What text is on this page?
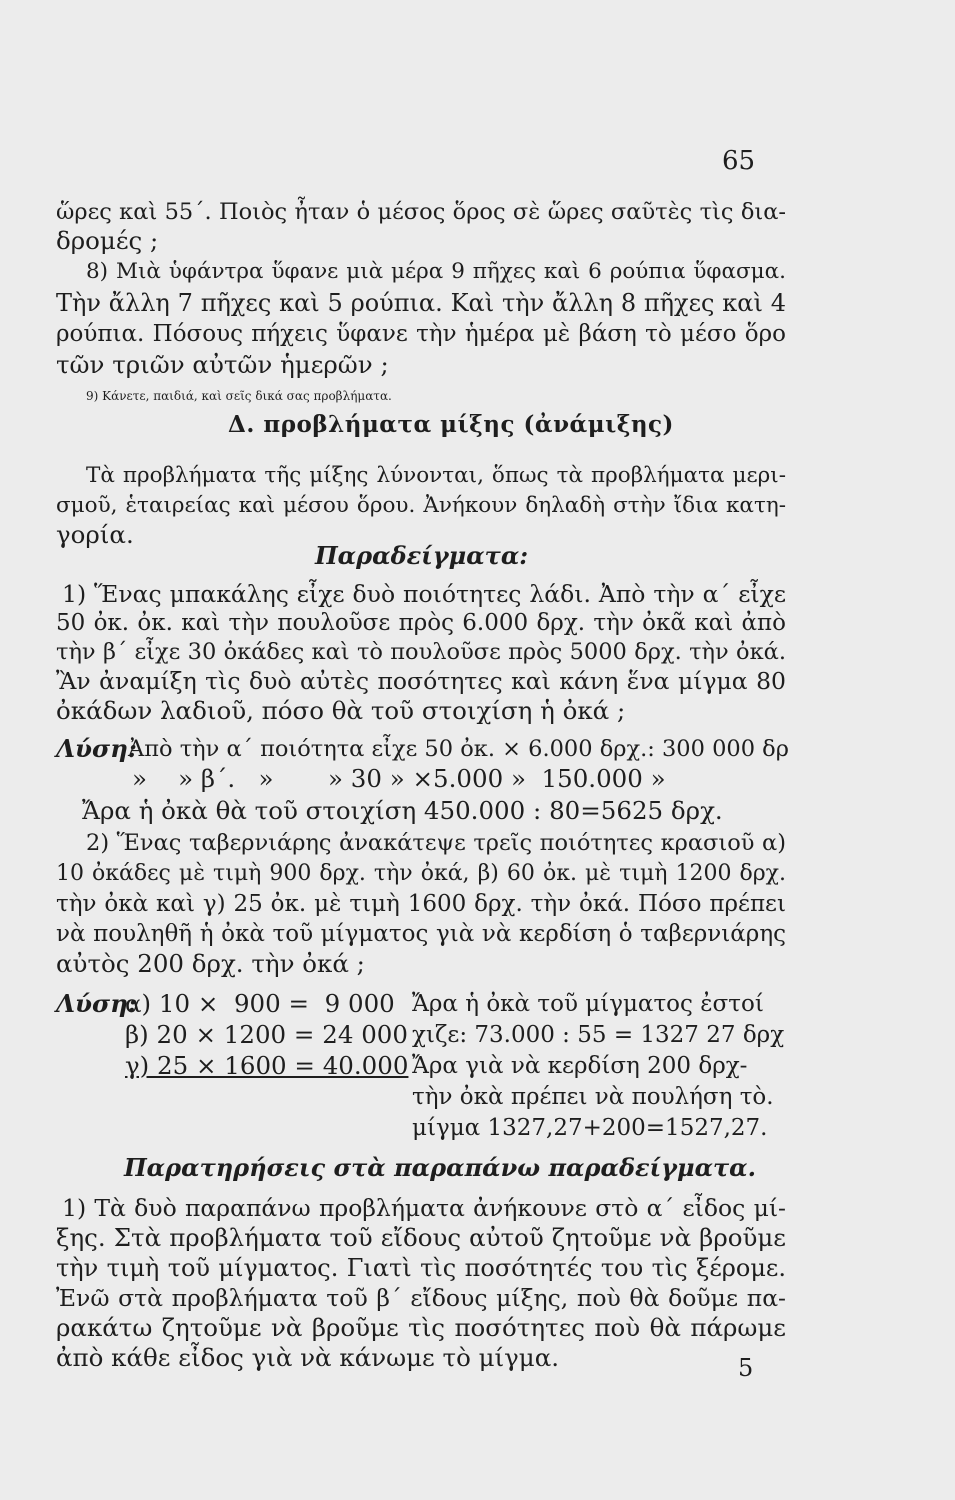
65
ὥρες καὶ 55΄. Ποιὸς ἦταν ὁ μέσος ὅρος σὲ ὥρες σαῦτὲς τὶς δια-
δρομές ;
8) Μιὰ ὑφάντρα ὕφανε μιὰ μέρα 9 πῆχες καὶ 6 ρούπια ὕφασμα.
Τὴν ἄλλη 7 πῆχες καὶ 5 ρούπια. Καὶ τὴν ἄλλη 8 πῆχες καὶ 4
ρούπια. Πόσους πήχεις ὕφανε τὴν ἡμέρα μὲ βάση τὸ μέσο ὅρο
τῶν τριῶν αὐτῶν ἡμερῶν ;
9) Κάνετε, παιδιά, καὶ σεῖς δικά σας προβλήματα.
Δ. προβλήματα μίξης (ἀνάμιξης)
Τὰ προβλήματα τῆς μίξης λύνονται, ὅπως τὰ προβλήματα μερι-
σμοῦ, ἑταιρείας καὶ μέσου ὅρου. Ἀνήκουν δηλαδὴ στὴν ἴδια κατη-
γορία.
Παραδείγματα:
1) Ἕνας μπακάλης εἶχε δυὸ ποιότητες λάδι. Ἀπὸ τὴν α΄ εἶχε
50 ὀκ. ὀκ. καὶ τὴν πουλοῦσε πρὸς 6.000 δρχ. τὴν ὀκᾶ καὶ ἀπὸ
τὴν β΄ εἶχε 30 ὀκάδες καὶ τὸ πουλοῦσε πρὸς 5000 δρχ. τὴν ὀκά.
Ἂν ἀναμίξη τὶς δυὸ αὐτὲς ποσότητες καὶ κάνη ἕνα μίγμα 80
ὀκάδων λαδιοῦ, πόσο θὰ τοῦ στοιχίση ἡ ὀκά ;
Λύση:
Ἀπὸ τὴν α΄ ποιότητα εἶχε 50 ὀκ. × 6.000 δρχ.: 300 000 δρ
»    » β΄.   »       » 30 » ×5.000 »  150.000 »
Ἄρα ἡ ὀκὰ θὰ τοῦ στοιχίση 450.000 : 80=5625 δρχ.
2) Ἕνας ταβερνιάρης ἀνακάτεψε τρεῖς ποιότητες κρασιοῦ α)
10 ὀκάδες μὲ τιμὴ 900 δρχ. τὴν ὀκά, β) 60 ὀκ. μὲ τιμὴ 1200 δρχ.
τὴν ὀκὰ καὶ γ) 25 ὀκ. μὲ τιμὴ 1600 δρχ. τὴν ὀκά. Πόσο πρέπει
νὰ πουληθῆ ἡ ὀκὰ τοῦ μίγματος γιὰ νὰ κερδίση ὁ ταβερνιάρης
αὐτὸς 200 δρχ. τὴν ὀκά ;
Λύση:
α) 10 ×  900 =  9 000
β) 20 × 1200 = 24 000
γ) 25 × 1600 = 40.000
Ἄρα ἡ ὀκὰ τοῦ μίγματος ἐστοί
χιζε: 73.000 : 55 = 1327 27 δρχ
Ἄρα γιὰ νὰ κερδίση 200 δρχ-
τὴν ὀκὰ πρέπει νὰ πουλήση τὸ.
μίγμα 1327,27+200=1527,27.
Παρατηρήσεις στὰ παραπάνω παραδείγματα.
1) Τὰ δυὸ παραπάνω προβλήματα ἀνήκουνε στὸ α΄ εἶδος μί-
ξης. Στὰ προβλήματα τοῦ εἴδους αὐτοῦ ζητοῦμε νὰ βροῦμε
τὴν τιμὴ τοῦ μίγματος. Γιατὶ τὶς ποσότητές του τὶς ξέρομε.
Ἐνῶ στὰ προβλήματα τοῦ β΄ εἴδους μίξης, ποὺ θὰ δοῦμε πα-
ρακάτω ζητοῦμε νὰ βροῦμε τὶς ποσότητες ποὺ θὰ πάρωμε
ἀπὸ κάθε εἶδος γιὰ νὰ κάνωμε τὸ μίγμα.	5
